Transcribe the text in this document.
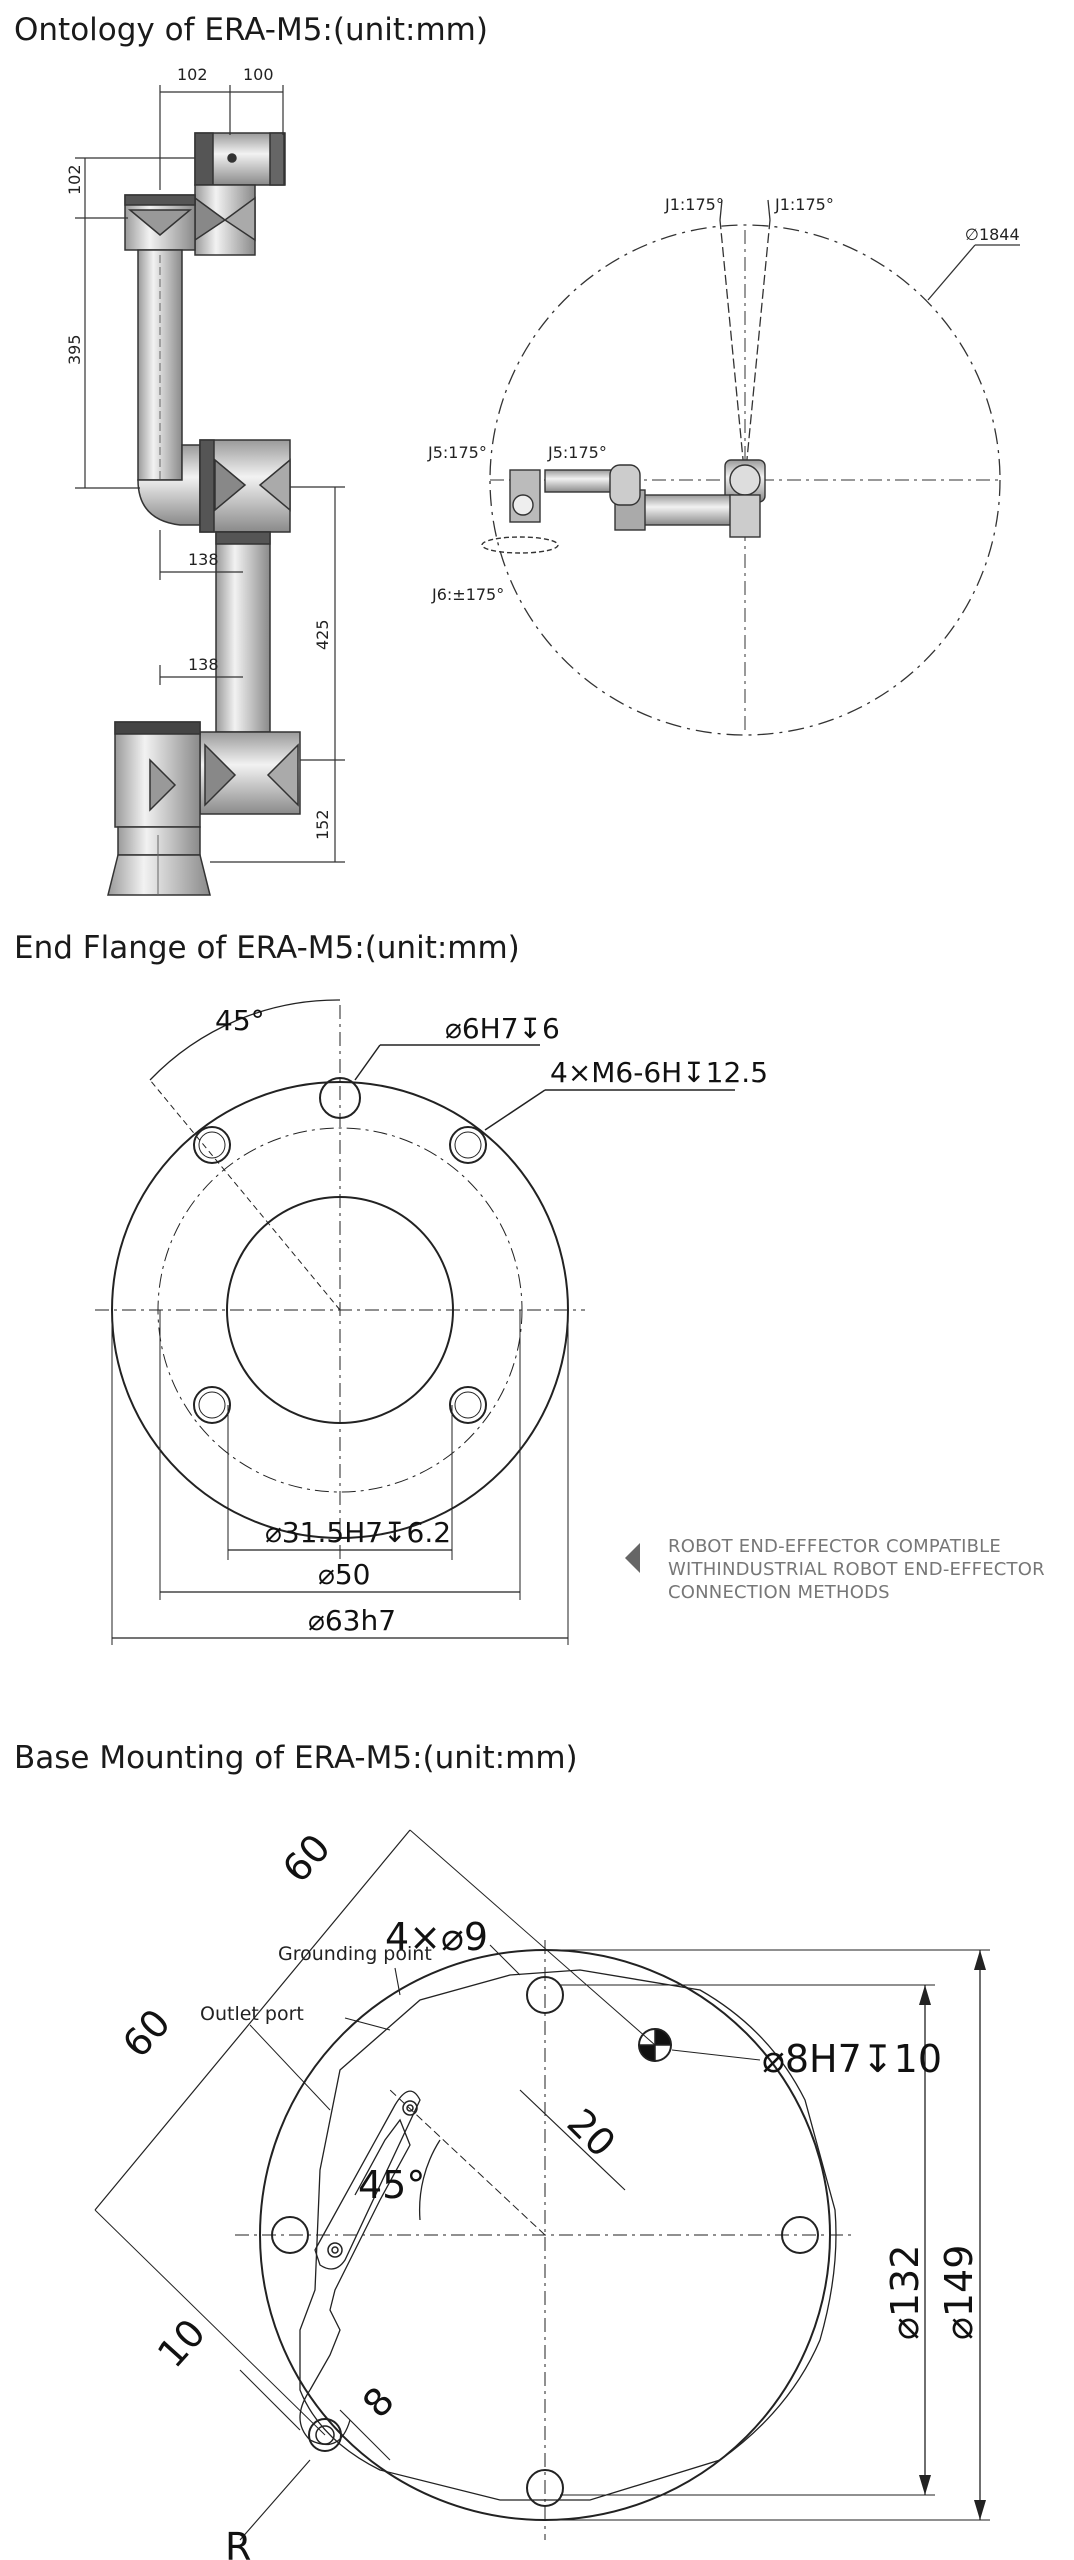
Ontology of ERA-M5:(unit:mm)
102 100
102
395
138
138
425
152
J1:175°	J1:175°
∅1844
J5:175°	J5:175°
J6:±175°
End Flange of ERA-M5:(unit:mm)
45°	⌀6H7↧6
4×M6-6H↧12.5
⌀31.5H7↧6.2
⌀50
⌀63h7
ROBOT END-EFFECTOR COMPATIBLE
WITHINDUSTRIAL ROBOT END-EFFECTOR
CONNECTION METHODS
Base Mounting of ERA-M5:(unit:mm)
60
60
4×⌀9
Grounding point
Outlet port
⌀8H7↧10
20
45°
10
8
R
⌀132 ⌀149
